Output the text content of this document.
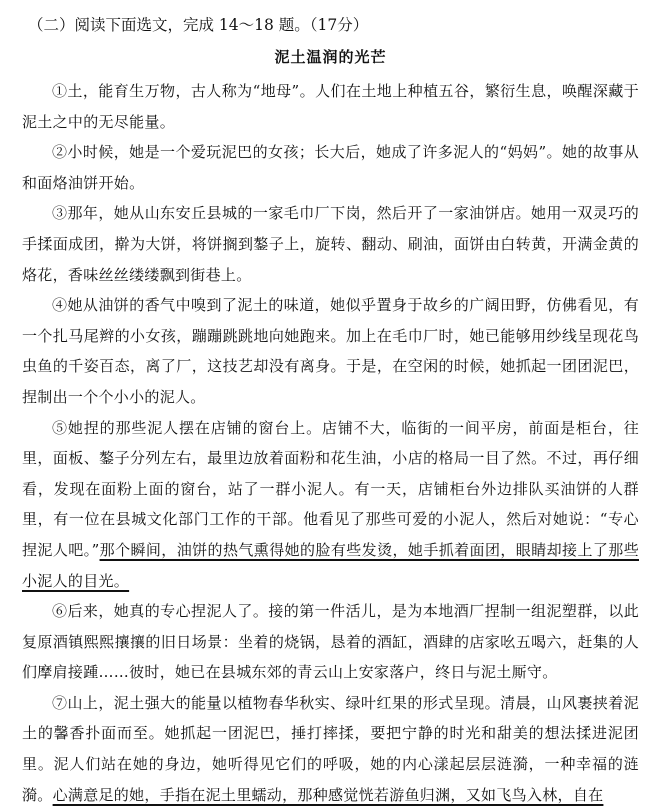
（二）阅读下面选文，完成 14～18 题。（17分）
泥土温润的光芒

①土，能育生万物，古人称为“地母”。人们在土地上种植五谷，繁衍生息，唤醒深藏于泥土之中的无尽能量。

②小时候，她是一个爱玩泥巴的女孩；长大后，她成了许多泥人的“妈妈”。她的故事从和面烙油饼开始。

③那年，她从山东安丘县城的一家毛巾厂下岗，然后开了一家油饼店。她用一双灵巧的手揉面成团，擀为大饼，将饼搁到鏊子上，旋转、翻动、刷油，面饼由白转黄，开满金黄的烙花，香味丝丝缕缕飘到街巷上。

④她从油饼的香气中嗅到了泥土的味道，她似乎置身于故乡的广阔田野，仿佛看见，有一个扎马尾辫的小女孩，蹦蹦跳跳地向她跑来。加上在毛巾厂时，她已能够用纱线呈现花鸟虫鱼的千姿百态，离了厂，这技艺却没有离身。于是，在空闲的时候，她抓起一团团泥巴，捏制出一个个小小的泥人。

⑤她捏的那些泥人摆在店铺的窗台上。店铺不大，临街的一间平房，前面是柜台，往里，面板、鏊子分列左右，最里边放着面粉和花生油，小店的格局一目了然。不过，再仔细看，发现在面粉上面的窗台，站了一群小泥人。有一天，店铺柜台外边排队买油饼的人群里，有一位在县城文化部门工作的干部。他看见了那些可爱的小泥人，然后对她说：“专心捏泥人吧。”那个瞬间，油饼的热气熏得她的脸有些发烫，她手抓着面团，眼睛却接上了那些小泥人的目光。

⑥后来，她真的专心捏泥人了。接的第一件活儿，是为本地酒厂捏制一组泥塑群，以此复原酒镇熙熙攘攘的旧日场景：坐着的烧锅，恳着的酒缸，酒肆的店家吆五喝六，赶集的人们摩肩接踵……彼时，她已在县城东郊的青云山上安家落户，终日与泥土厮守。

⑦山上，泥土强大的能量以植物春华秋实、绿叶红果的形式呈现。清晨，山风裹挟着泥土的馨香扑面而至。她抓起一团泥巴，捶打摔揉，要把宁静的时光和甜美的想法揉进泥团里。泥人们站在她的身边，她听得见它们的呼吸，她的内心漾起层层涟漪，一种幸福的涟漪。心满意足的她，手指在泥土里蠕动，那种感觉恍若游鱼归渊，又如飞鸟入林，自在
